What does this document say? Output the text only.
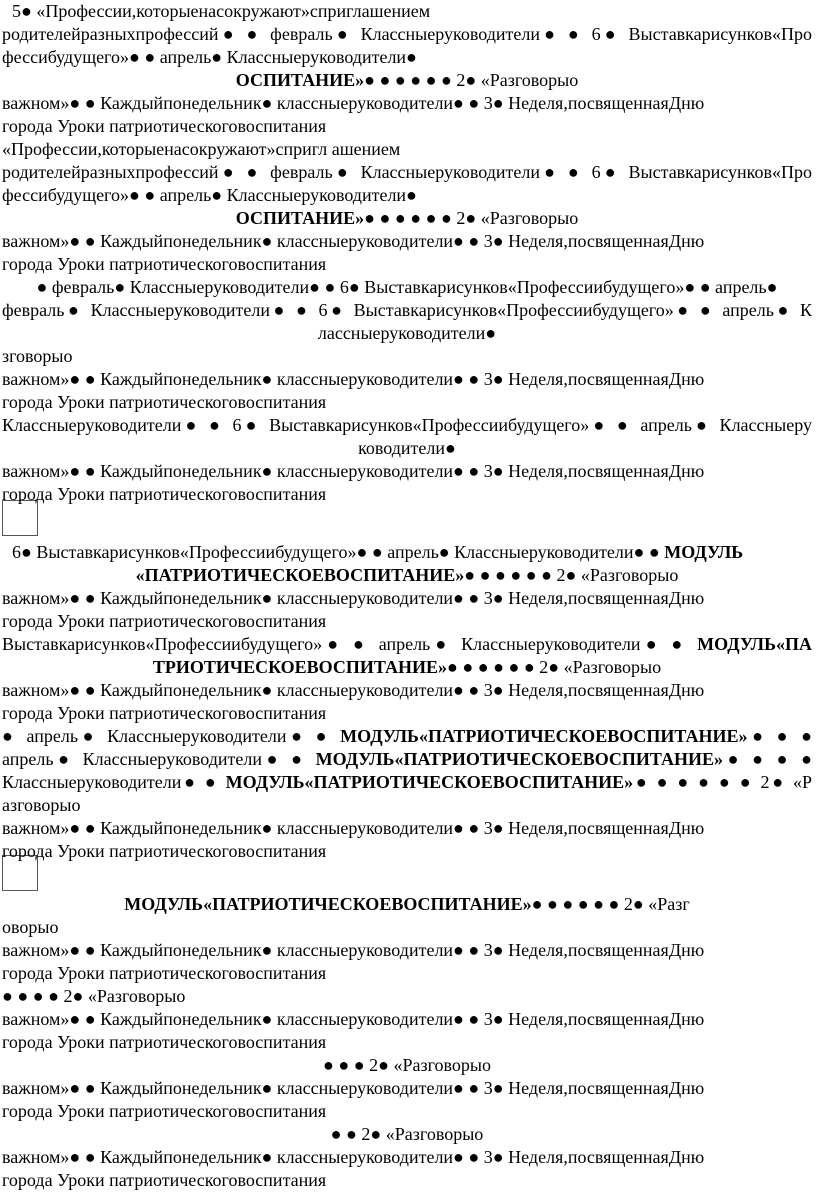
5● «Профессии,которыенасокружают»сприглашением
родителейразныхпрофессий● ● февраль● Классныеруководители● ● 6● Выставкарисунков«Про
фессибудущего»● ● апрель● Классныеруководители●
ОСПИТАНИЕ»● ● ● ● ● ● 2● «Разговорыо
важном»● ● Каждыйпонедельник● классныеруководители● ● 3● Неделя,посвященнаяДню
города Уроки патриотическоговоспитания
«Профессии,которыенасокружают»спригл ашением
родителейразныхпрофессий● ● февраль● Классныеруководители● ● 6● Выставкарисунков«Про
фессибудущего»● ● апрель● Классныеруководители●
ОСПИТАНИЕ»● ● ● ● ● ● 2● «Разговорыо
важном»● ● Каждыйпонедельник● классныеруководители● ● 3● Неделя,посвященнаяДню
города Уроки патриотическоговоспитания
● февраль● Классныеруководители● ● 6● Выставкарисунков«Профессиибудущего»● ● апрель●
февраль● Классныеруководители● ● 6● Выставкарисунков«Профессиибудущего»● ● апрель● К
лассныеруководители●
зговорыо
важном»● ● Каждыйпонедельник● классныеруководители● ● 3● Неделя,посвященнаяДню
города Уроки патриотическоговоспитания
Классныеруководители● ● 6● Выставкарисунков«Профессиибудущего»● ● апрель● Классныеру
ководители●
важном»● ● Каждыйпонедельник● классныеруководители● ● 3● Неделя,посвященнаяДню
города Уроки патриотическоговоспитания
6● Выставкарисунков«Профессиибудущего»● ● апрель● Классныеруководители● ● МОДУЛЬ
«ПАТРИОТИЧЕСКОЕВОСПИТАНИЕ»● ● ● ● ● ● 2● «Разговорыо
важном»● ● Каждыйпонедельник● классныеруководители● ● 3● Неделя,посвященнаяДню
города Уроки патриотическоговоспитания
Выставкарисунков«Профессиибудущего»● ● апрель● Классныеруководители● ● МОДУЛЬ«ПА
ТРИОТИЧЕСКОЕВОСПИТАНИЕ»● ● ● ● ● ● 2● «Разговорыо
важном»● ● Каждыйпонедельник● классныеруководители● ● 3● Неделя,посвященнаяДню
города Уроки патриотическоговоспитания
● апрель● Классныеруководители● ● МОДУЛЬ«ПАТРИОТИЧЕСКОЕВОСПИТАНИЕ»● ● ●
апрель● Классныеруководители● ● МОДУЛЬ«ПАТРИОТИЧЕСКОЕВОСПИТАНИЕ»● ● ● ●
Классныеруководители● ● МОДУЛЬ«ПАТРИОТИЧЕСКОЕВОСПИТАНИЕ»● ● ● ● ● ● 2● «Р
азговорыо
важном»● ● Каждыйпонедельник● классныеруководители● ● 3● Неделя,посвященнаяДню
города Уроки патриотическоговоспитания
МОДУЛЬ«ПАТРИОТИЧЕСКОЕВОСПИТАНИЕ»● ● ● ● ● ● 2● «Разг
оворыо
важном»● ● Каждыйпонедельник● классныеруководители● ● 3● Неделя,посвященнаяДню
города Уроки патриотическоговоспитания
● ● ● ● 2● «Разговорыо
важном»● ● Каждыйпонедельник● классныеруководители● ● 3● Неделя,посвященнаяДню
города Уроки патриотическоговоспитания
● ● ● 2● «Разговорыо
важном»● ● Каждыйпонедельник● классныеруководители● ● 3● Неделя,посвященнаяДню
города Уроки патриотическоговоспитания
● ● 2● «Разговорыо
важном»● ● Каждыйпонедельник● классныеруководители● ● 3● Неделя,посвященнаяДню
города Уроки патриотическоговоспитания
